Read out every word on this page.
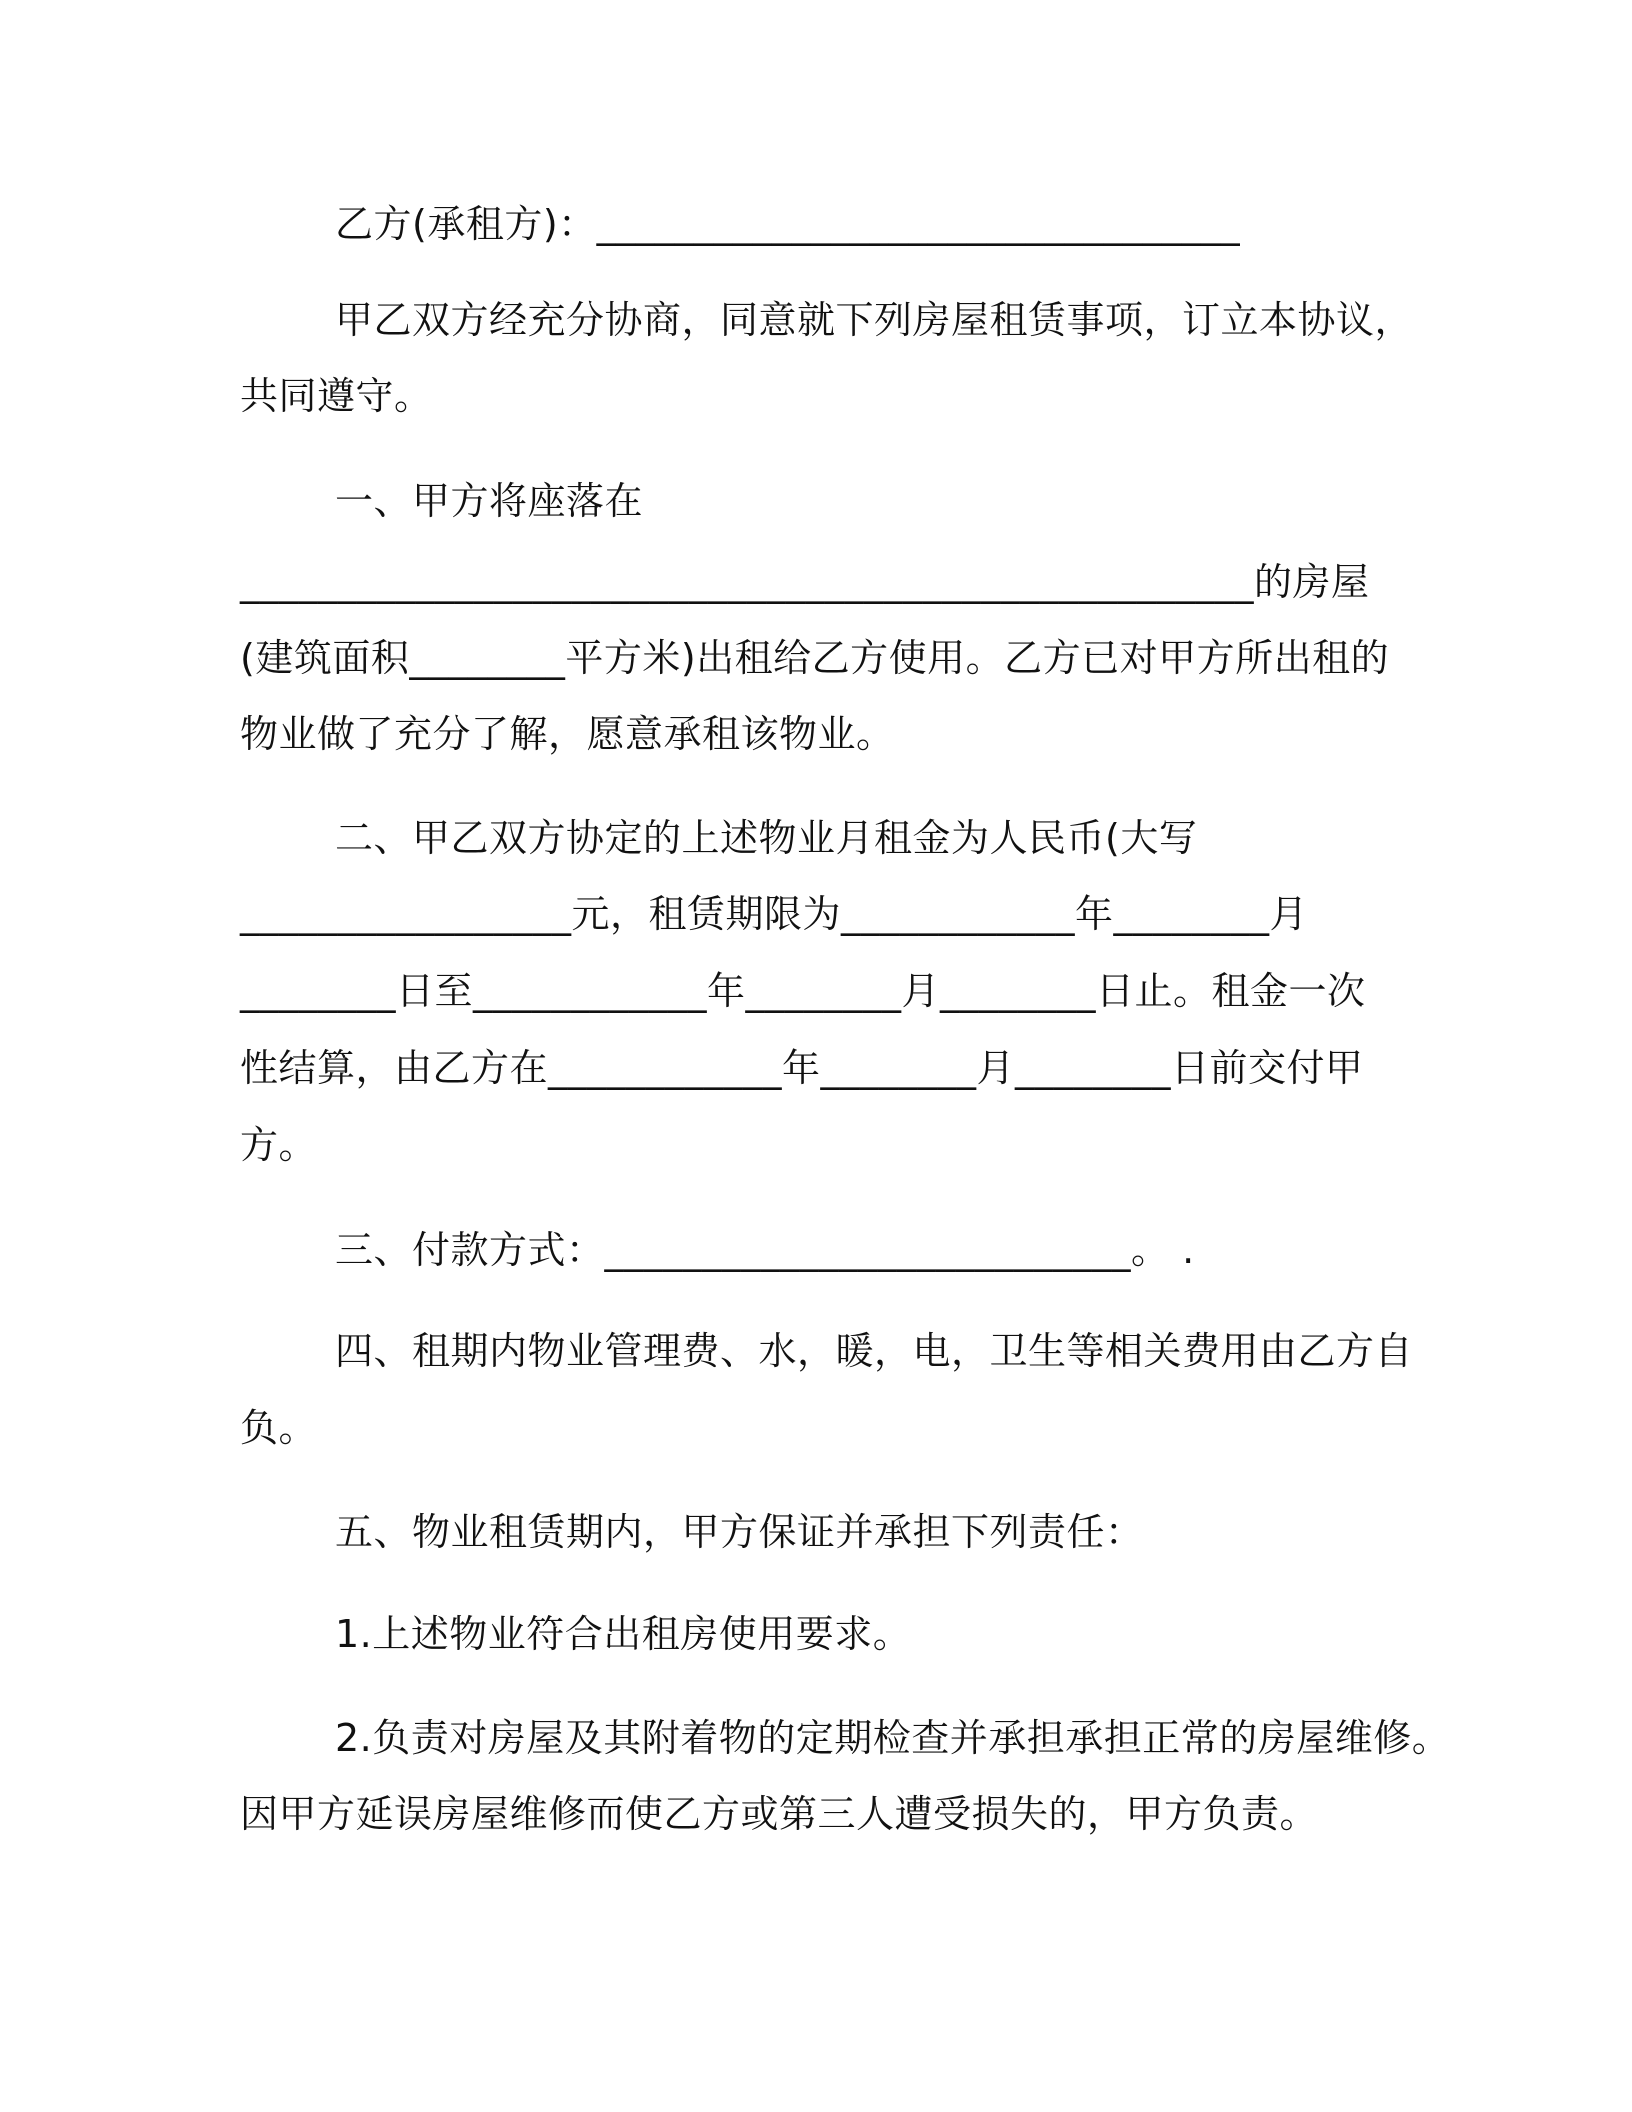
乙方(承租方)：_________________________________
甲乙双方经充分协商，同意就下列房屋租赁事项，订立本协议，
共同遵守。
一、甲方将座落在
____________________________________________________的房屋
(建筑面积________平方米)出租给乙方使用。乙方已对甲方所出租的
物业做了充分了解，愿意承租该物业。
二、甲乙双方协定的上述物业月租金为人民币(大写
_________________元，租赁期限为____________年________月
________日至____________年________月________日止。租金一次
性结算，由乙方在____________年________月________日前交付甲
方。
三、付款方式：___________________________。 .
四、租期内物业管理费、水，暖，电，卫生等相关费用由乙方自
负。
五、物业租赁期内，甲方保证并承担下列责任：
1.上述物业符合出租房使用要求。
2.负责对房屋及其附着物的定期检查并承担承担正常的房屋维修。
因甲方延误房屋维修而使乙方或第三人遭受损失的，甲方负责。
